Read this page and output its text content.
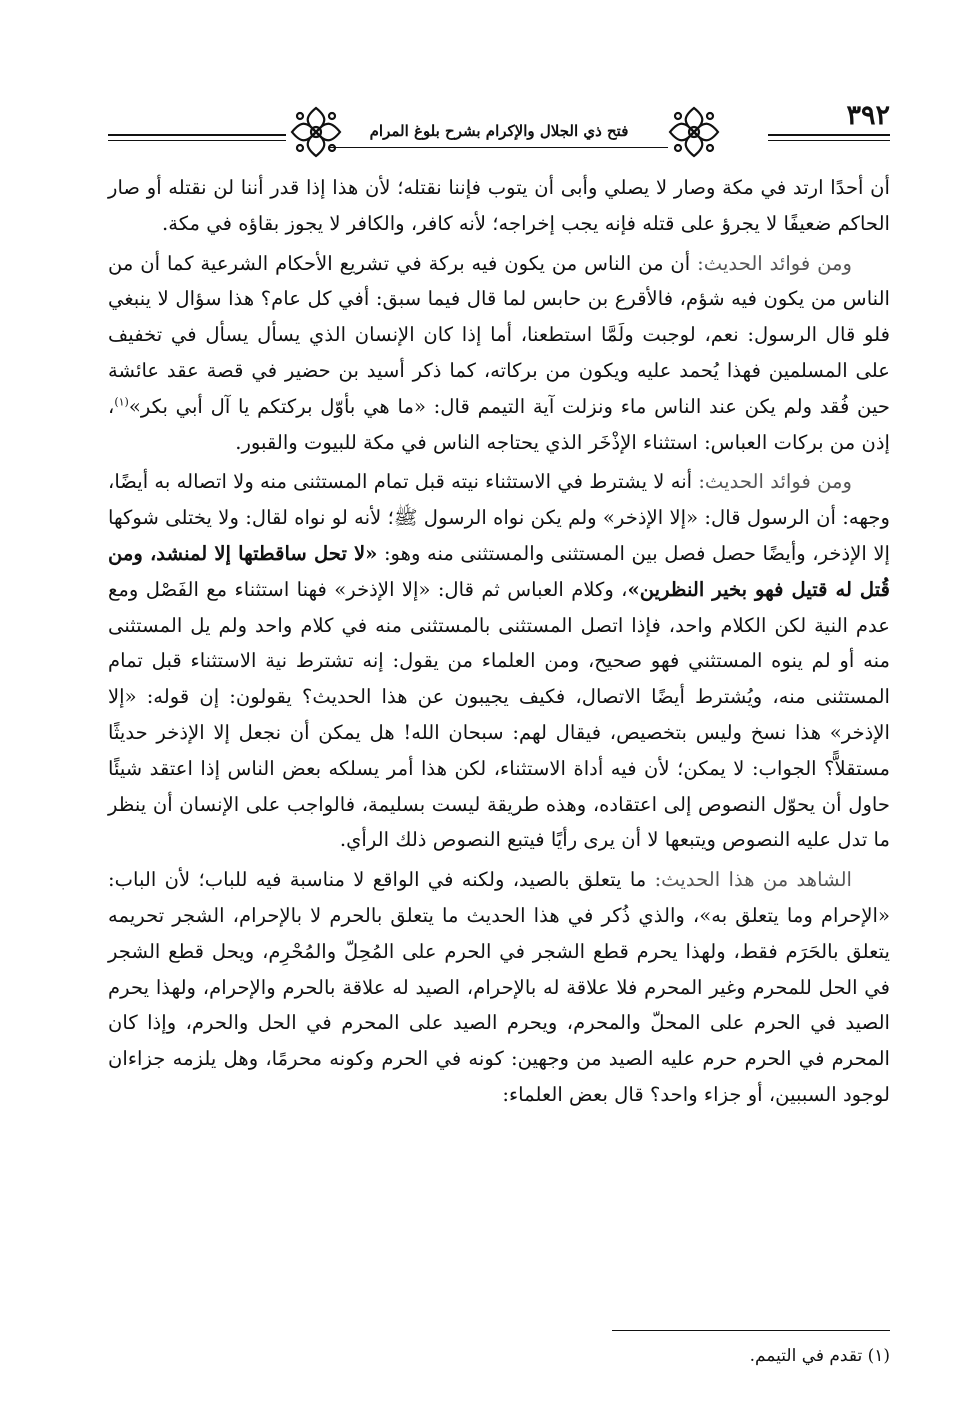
٣٩٢
فتح ذي الجلال والإكرام بشرح بلوغ المرام

أن أحدًا ارتد في مكة وصار لا يصلي وأبى أن يتوب فإننا نقتله؛ لأن هذا إذا قدر أننا لن نقتله أو صار الحاكم ضعيفًا لا يجرؤ على قتله فإنه يجب إخراجه؛ لأنه كافر، والكافر لا يجوز بقاؤه في مكة.

ومن فوائد الحديث: أن من الناس من يكون فيه بركة في تشريع الأحكام الشرعية كما أن من الناس من يكون فيه شؤم، فالأقرع بن حابس لما قال فيما سبق: أفي كل عام؟ هذا سؤال لا ينبغي فلو قال الرسول: نعم، لوجبت ولَمَّا استطعنا، أما إذا كان الإنسان الذي يسأل يسأل في تخفيف على المسلمين فهذا يُحمد عليه ويكون من بركاته، كما ذكر أسيد بن حضير في قصة عقد عائشة حين فُقد ولم يكن عند الناس ماء ونزلت آية التيمم قال: «ما هي بأوّل بركتكم يا آل أبي بكر»$^{(١)}$، إذن من بركات العباس: استثناء الإذْخَر الذي يحتاجه الناس في مكة للبيوت والقبور.

ومن فوائد الحديث: أنه لا يشترط في الاستثناء نيته قبل تمام المستثنى منه ولا اتصاله به أيضًا، وجهه: أن الرسول قال: «إلا الإذخر» ولم يكن نواه الرسول ﷺ؛ لأنه لو نواه لقال: ولا يختلى شوكها إلا الإذخر، وأيضًا حصل فصل بين المستثنى والمستثنى منه وهو: «لا تحل ساقطتها إلا لمنشد، ومن قُتل له قتيل فهو بخير النظرين»، وكلام العباس ثم قال: «إلا الإذخر» فهنا استثناء مع الفَصْل ومع عدم النية لكن الكلام واحد، فإذا اتصل المستثنى بالمستثنى منه في كلام واحد ولم يل المستثنى منه أو لم ينوه المستثني فهو صحيح، ومن العلماء من يقول: إنه تشترط نية الاستثناء قبل تمام المستثنى منه، ويُشترط أيضًا الاتصال، فكيف يجيبون عن هذا الحديث؟ يقولون: إن قوله: «إلا الإذخر» هذا نسخ وليس بتخصيص، فيقال لهم: سبحان الله! هل يمكن أن نجعل إلا الإذخر حديثًا مستقلاًّ؟ الجواب: لا يمكن؛ لأن فيه أداة الاستثناء، لكن هذا أمر يسلكه بعض الناس إذا اعتقد شيئًا حاول أن يحوّل النصوص إلى اعتقاده، وهذه طريقة ليست بسليمة، فالواجب على الإنسان أن ينظر ما تدل عليه النصوص ويتبعها لا أن يرى رأيًا فيتبع النصوص ذلك الرأي.

الشاهد من هذا الحديث: ما يتعلق بالصيد، ولكنه في الواقع لا مناسبة فيه للباب؛ لأن الباب: «الإحرام وما يتعلق به»، والذي ذُكر في هذا الحديث ما يتعلق بالحرم لا بالإحرام، الشجر تحريمه يتعلق بالحَرَم فقط، ولهذا يحرم قطع الشجر في الحرم على المُحِلّ والمُحْرِم، ويحل قطع الشجر في الحل للمحرم وغير المحرم فلا علاقة له بالإحرام، الصيد له علاقة بالحرم والإحرام، ولهذا يحرم الصيد في الحرم على المحلّ والمحرم، ويحرم الصيد على المحرم في الحل والحرم، وإذا كان المحرم في الحرم حرم عليه الصيد من وجهين: كونه في الحرم وكونه محرمًا، وهل يلزمه جزاءان لوجود السببين، أو جزاء واحد؟ قال بعض العلماء:

(١) تقدم في التيمم.
